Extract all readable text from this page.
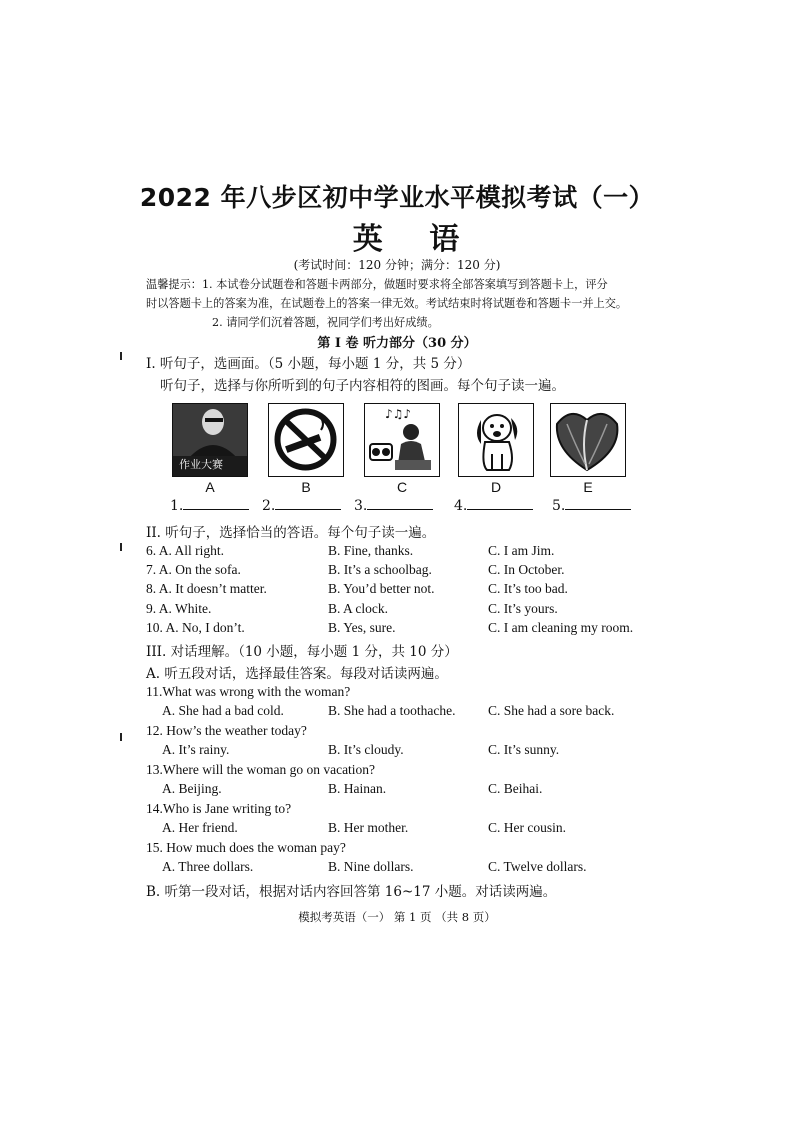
2022 年八步区初中学业水平模拟考试（一）
英 语
(考试时间：120 分钟；满分：120 分)
温馨提示：1. 本试卷分试题卷和答题卡两部分，做题时要求将全部答案填写到答题卡上，评分
时以答题卡上的答案为准，在试题卷上的答案一律无效。考试结束时将试题卷和答题卡一并上交。
2. 请同学们沉着答题，祝同学们考出好成绩。
第 I 卷 听力部分（30 分）
I. 听句子，选画面。（5 小题，每小题 1 分，共 5 分）
听句子，选择与你所听到的句子内容相符的图画。每个句子读一遍。
作业大赛
♪♫♪
A	B	C	D	E
1.	2.	3.	4.	5.
II. 听句子，选择恰当的答语。每个句子读一遍。
6. A. All right.	B. Fine, thanks.	C. I am Jim.
7. A. On the sofa.	B. It’s a schoolbag.	C. In October.
8. A. It doesn’t matter.	B. You’d better not.	C. It’s too bad.
9. A. White.	B. A clock.	C. It’s yours.
10. A. No, I don’t.	B. Yes, sure.	C. I am cleaning my room.
III. 对话理解。（10 小题，每小题 1 分，共 10 分）
A. 听五段对话，选择最佳答案。每段对话读两遍。
11.What was wrong with the woman?
A. She had a bad cold.	B. She had a toothache. C. She had a sore back.
12. How’s the weather today?
A. It’s rainy.	B. It’s cloudy.	C. It’s sunny.
13.Where will the woman go on vacation?
A. Beijing.	B. Hainan.	C. Beihai.
14.Who is Jane writing to?
A. Her friend.	B. Her mother.	C. Her cousin.
15. How much does the woman pay?
A. Three dollars.	B. Nine dollars.	C. Twelve dollars.
B. 听第一段对话，根据对话内容回答第 16~17 小题。对话读两遍。
模拟考英语（一） 第 1 页 （共 8 页）
